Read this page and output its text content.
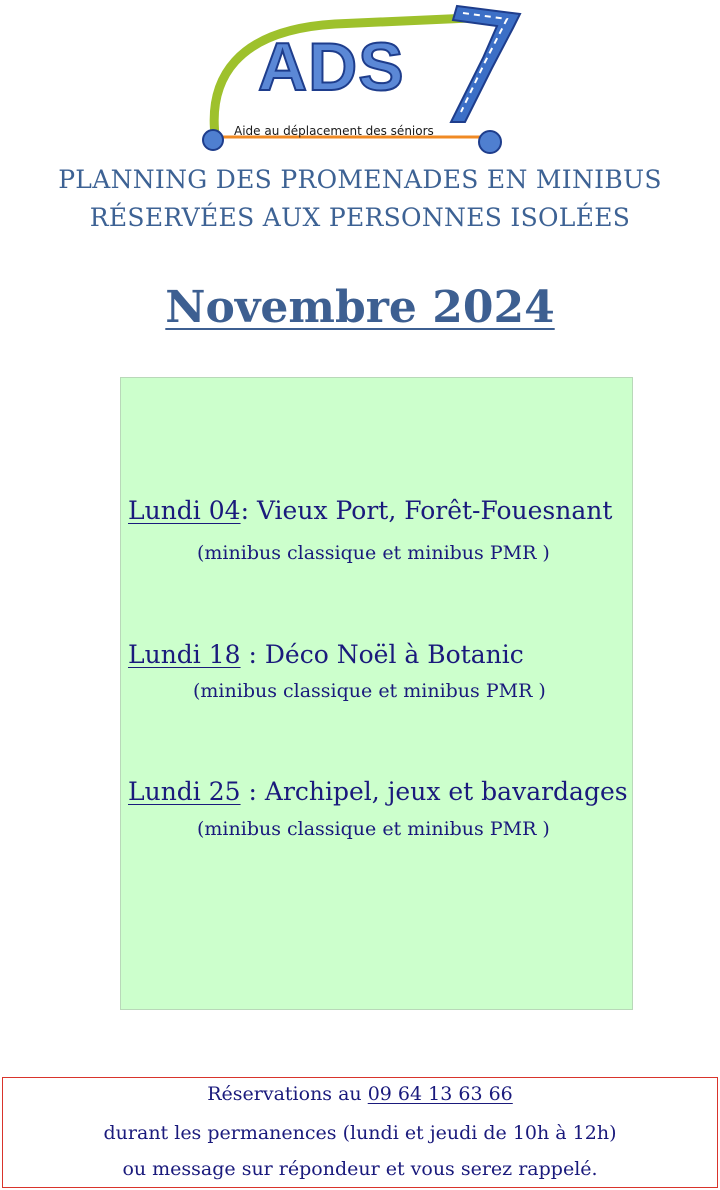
ADS
Aide au déplacement des séniors
PLANNING DES PROMENADES EN MINIBUS
RÉSERVÉES AUX PERSONNES ISOLÉES
Novembre 2024
Lundi 04: Vieux Port, Forêt-Fouesnant
(minibus classique et minibus PMR )
Lundi 18 : Déco Noël à Botanic
(minibus classique et minibus PMR )
Lundi 25 : Archipel, jeux et bavardages
(minibus classique et minibus PMR )
Réservations au 09 64 13 63 66
durant les permanences (lundi et jeudi de 10h à 12h)
ou message sur répondeur et vous serez rappelé.
